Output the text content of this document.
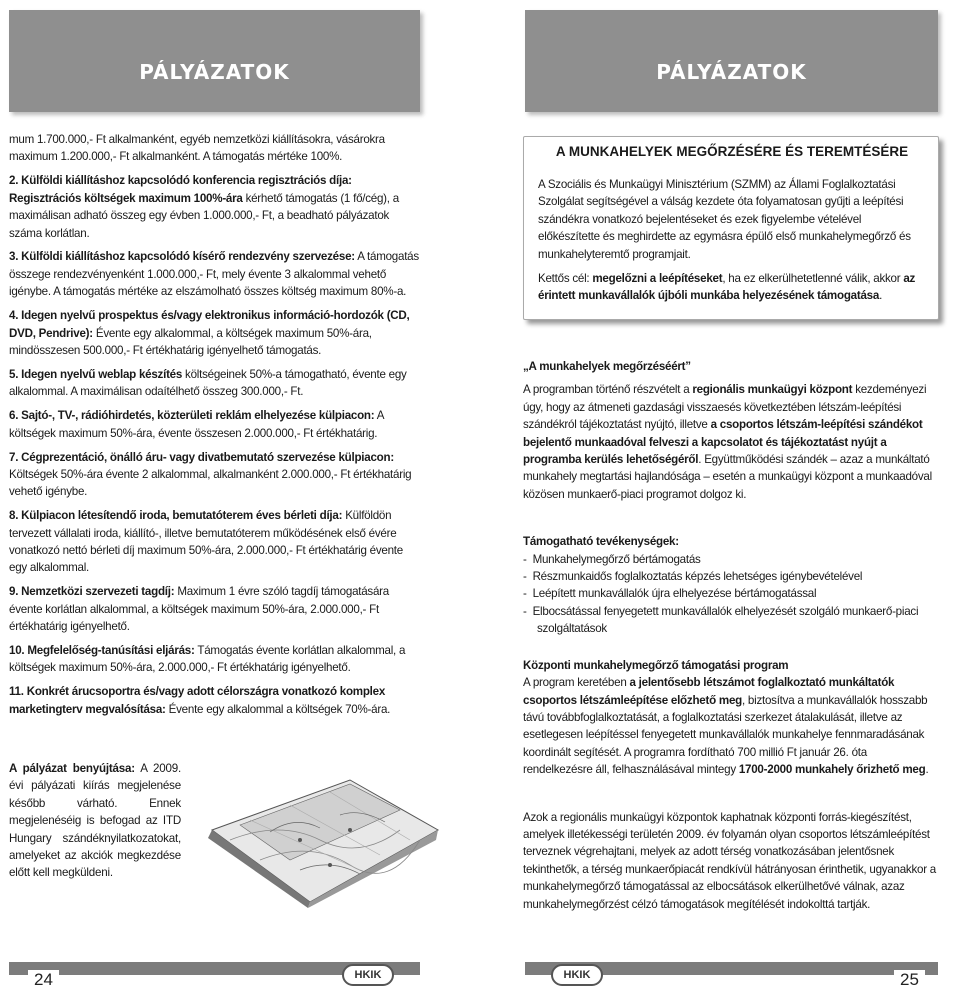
PÁLYÁZATOK	PÁLYÁZATOK

mum 1.700.000,- Ft alkalmanként, egyéb nemzetközi kiállításokra, vásárokra maximum 1.200.000,- Ft alkalmanként. A támogatás mértéke 100%.

2. Külföldi kiállításhoz kapcsolódó konferencia regisztrációs díja: Regisztrációs költségek maximum 100%-ára kérhető támogatás (1 fő/cég), a maximálisan adható összeg egy évben 1.000.000,- Ft, a beadható pályázatok száma korlátlan.

3. Külföldi kiállításhoz kapcsolódó kísérő rendezvény szervezése: A támogatás összege rendezvényenként 1.000.000,- Ft, mely évente 3 alkalommal vehető igénybe. A támogatás mértéke az elszámolható összes költség maximum 80%-a.

4. Idegen nyelvű prospektus és/vagy elektronikus információ-hordozók (CD, DVD, Pendrive): Évente egy alkalommal, a költségek maximum 50%-ára, mindösszesen 500.000,- Ft értékhatárig igényelhető támogatás.

5. Idegen nyelvű weblap készítés költségeinek 50%-a támogatható, évente egy alkalommal. A maximálisan odaítélhető összeg 300.000,- Ft.

6. Sajtó-, TV-, rádióhirdetés, közterületi reklám elhelyezése külpiacon: A költségek maximum 50%-ára, évente összesen 2.000.000,- Ft értékhatárig.

7. Cégprezentáció, önálló áru- vagy divatbemutató szervezése külpiacon: Költségek 50%-ára évente 2 alkalommal, alkalmanként 2.000.000,- Ft értékhatárig vehető igénybe.

8. Külpiacon létesítendő iroda, bemutatóterem éves bérleti díja: Külföldön tervezett vállalati iroda, kiállító-, illetve bemutatóterem működésének első évére vonatkozó nettó bérleti díj maximum 50%-ára, 2.000.000,- Ft értékhatárig évente egy alkalommal.

9. Nemzetközi szervezeti tagdíj: Maximum 1 évre szóló tagdíj támogatására évente korlátlan alkalommal, a költségek maximum 50%-ára, 2.000.000,- Ft értékhatárig igényelhető.

10. Megfelelőség-tanúsítási eljárás: Támogatás évente korlátlan alkalommal, a költségek maximum 50%-ára, 2.000.000,- Ft értékhatárig igényelhető.

11. Konkrét árucsoportra és/vagy adott célországra vonatkozó komplex marketingterv megvalósítása: Évente egy alkalommal a költségek 70%-ára.

A pályázat benyújtása: A 2009. évi pályázati kiírás megjelenése később várható. Ennek megjelenéséig is befogad az ITD Hungary szándéknyilatkozatokat, amelyeket az akciók megkezdése előtt kell megküldeni.
A MUNKAHELYEK MEGŐRZÉSÉRE ÉS TEREMTÉSÉRE

A Szociális és Munkaügyi Minisztérium (SZMM) az Állami Foglalkoztatási Szolgálat segítségével a válság kezdete óta folyamatosan gyűjti a leépítési szándékra vonatkozó bejelentéseket és ezek figyelembe vételével előkészítette és meghirdette az egymásra épülő első munkahelymegőrző és munkahelyteremtő programjait.

Kettős cél: megelőzni a leépítéseket, ha ez elkerülhetetlenné válik, akkor az érintett munkavállalók újbóli munkába helyezésének támogatása.

„A munkahelyek megőrzéséért”

A programban történő részvételt a regionális munkaügyi központ kezdeményezi úgy, hogy az átmeneti gazdasági visszaesés következtében létszám-leépítési szándékról tájékoztatást nyújtó, illetve a csoportos létszám-leépítési szándékot bejelentő munkaadóval felveszi a kapcsolatot és tájékoztatást nyújt a programba kerülés lehetőségéről. Együttműködési szándék – azaz a munkáltató munkahely megtartási hajlandósága – esetén a munkaügyi központ a munkaadóval közösen munkaerő-piaci programot dolgoz ki.

Támogatható tevékenységek:

-  Munkahelymegőrző bértámogatás

-  Részmunkaidős foglalkoztatás képzés lehetséges igénybevételével

-  Leépített munkavállalók újra elhelyezése bértámogatással

-  Elbocsátással fenyegetett munkavállalók elhelyezését szolgáló munkaerő-piaci szolgáltatások

Központi munkahelymegőrző támogatási program

A program keretében a jelentősebb létszámot foglalkoztató munkáltatók csoportos létszámleépítése előzhető meg, biztosítva a munkavállalók hosszabb távú továbbfoglalkoztatását, a foglalkoztatási szerkezet átalakulását, illetve az esetlegesen leépítéssel fenyegetett munkavállalók munkahelye fennmaradásának koordinált segítését. A programra fordítható 700 millió Ft január 26. óta rendelkezésre áll, felhasználásával mintegy 1700-2000 munkahely őrizhető meg.

Azok a regionális munkaügyi központok kaphatnak központi forrás-kiegészítést, amelyek illetékességi területén 2009. év folyamán olyan csoportos létszámleépítést terveznek végrehajtani, melyek az adott térség vonatkozásában jelentősnek tekinthetők, a térség munkaerőpiacát rendkívül hátrányosan érinthetik, ugyanakkor a munkahelymegőrző támogatással az elbocsátások elkerülhetővé válnak, azaz munkahelymegőrzést célzó támogatások megítélését indokolttá tartják.

HKIK	HKIK
24	25
